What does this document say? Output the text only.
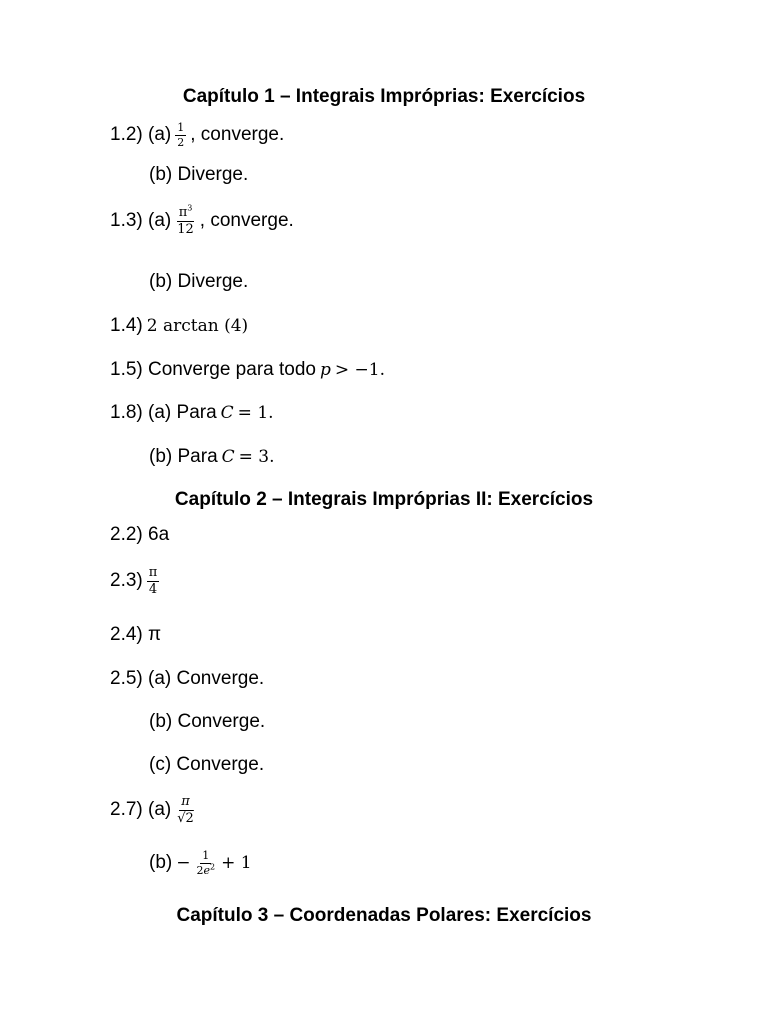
Capítulo 1 – Integrais Impróprias: Exercícios
1.2) $(a) \frac{1}{2}$ , converge.
(b) Diverge.
1.3) $(a) \frac{\pi^3}{12}$ , converge.
(b) Diverge.
1.4) 2 arctan (4)
1.5) Converge para todo p > −1.
1.8) (a) Para C = 1.
(b) Para C = 3.
Capítulo 2 – Integrais Impróprias II: Exercícios
2.2) 6a
$2.3) \frac{\pi}{4}$
2.4) π
2.5) (a) Converge.
(b) Converge.
(c) Converge.
2.7) $(a) \frac{\pi}{√2}$
$(b) - \frac{1}{2e^2} + 1$
Capítulo 3 – Coordenadas Polares: Exercícios
